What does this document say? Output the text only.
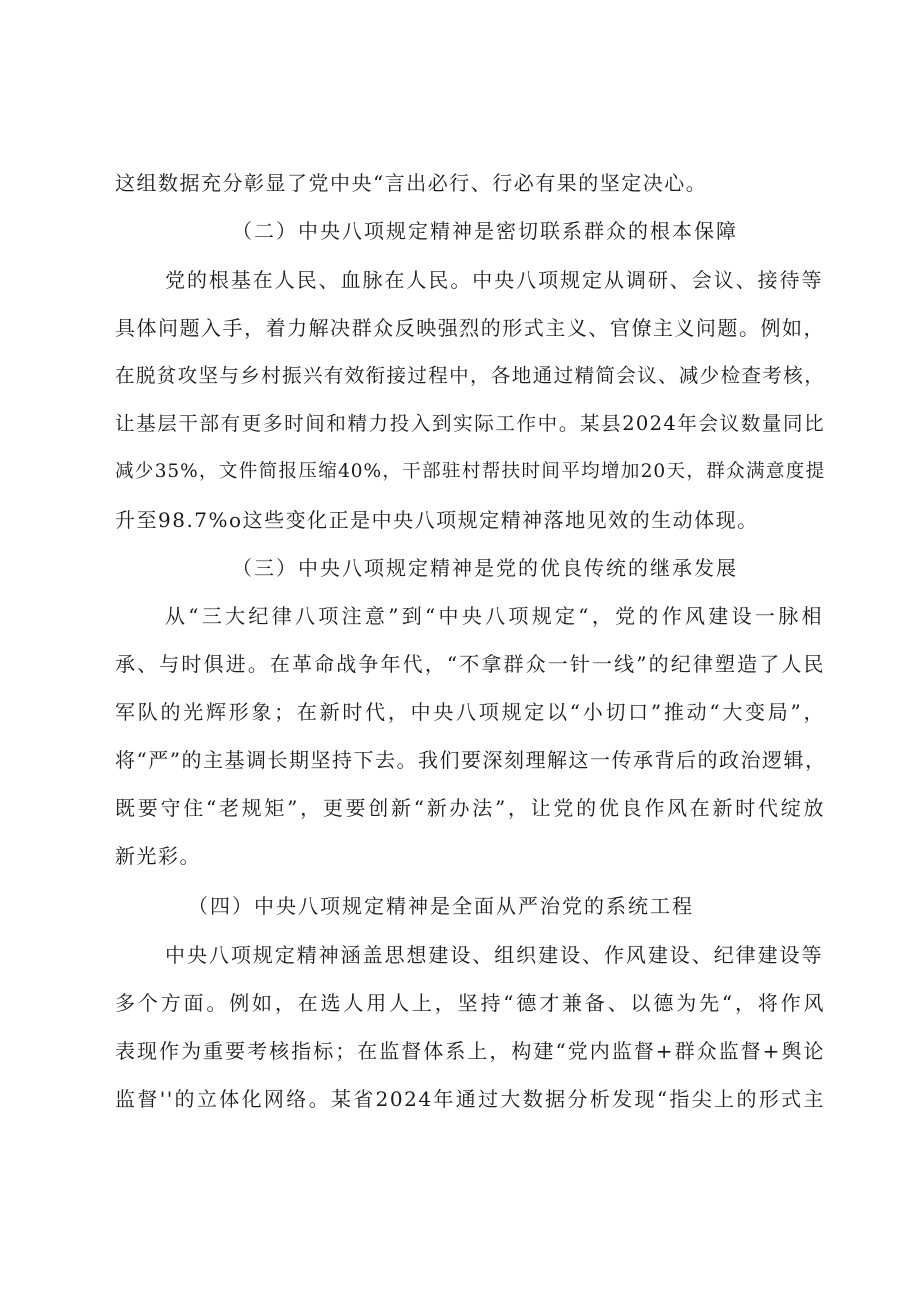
这组数据充分彰显了党中央“言出必行、行必有果的坚定决心。
（二）中央八项规定精神是密切联系群众的根本保障
党的根基在人民、血脉在人民。中央八项规定从调研、会议、接待等
具体问题入手，着力解决群众反映强烈的形式主义、官僚主义问题。例如，
在脱贫攻坚与乡村振兴有效衔接过程中，各地通过精简会议、减少检查考核，
让基层干部有更多时间和精力投入到实际工作中。某县2024年会议数量同比
减少35%，文件简报压缩40%，干部驻村帮扶时间平均增加20天，群众满意度提
升至98.7%o这些变化正是中央八项规定精神落地见效的生动体现。
（三）中央八项规定精神是党的优良传统的继承发展
从“三大纪律八项注意”到“中央八项规定“，党的作风建设一脉相
承、与时俱进。在革命战争年代，“不拿群众一针一线”的纪律塑造了人民
军队的光辉形象；在新时代，中央八项规定以“小切口”推动“大变局”，
将“严”的主基调长期坚持下去。我们要深刻理解这一传承背后的政治逻辑，
既要守住“老规矩”，更要创新“新办法”，让党的优良作风在新时代绽放
新光彩。
（四）中央八项规定精神是全面从严治党的系统工程
中央八项规定精神涵盖思想建设、组织建设、作风建设、纪律建设等
多个方面。例如，在选人用人上，坚持“德才兼备、以德为先“，将作风
表现作为重要考核指标；在监督体系上，构建“党内监督+群众监督+舆论
监督''的立体化网络。某省2024年通过大数据分析发现“指尖上的形式主
